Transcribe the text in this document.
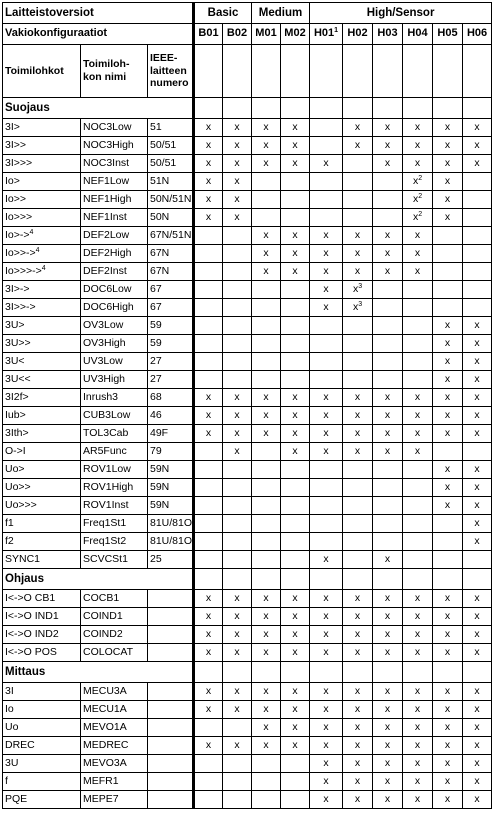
Laitteistoversiot			Basic		Medium		High/Sensor					
Vakiokonfiguraatiot			B01	B02	M01	M02	$H01^1$	H02	H03	H04	H05	H06
Toimilohkot	Toimiloh-kon nimi	IEEE-laitteen numero										
Suojaus												
3I>	NOC3Low	51	x	x	x	x		x	x	x	x	x
3I>>	NOC3High	50/51	x	x	x	x		x	x	x	x	x
3I>>>	NOC3Inst	50/51	x	x	x	x	x		x	x	x	x
Io>	NEF1Low	51N	x	x						$x^2$	x	
Io>>	NEF1High	50N/51N	x	x						$x^2$	x	
Io>>>	NEF1Inst	50N	x	x						$x^2$	x	
Io>->$^4$	DEF2Low	67N/51N			x	x	x	x	x	x		
Io>>->$^4$	DEF2High	67N			x	x	x	x	x	x		
Io>>>->$^4$	DEF2Inst	67N			x	x	x	x	x	x		
3I>->	DOC6Low	67					x	$x^3$				
3I>>->	DOC6High	67					x	$x^3$				
3U>	OV3Low	59									x	x
3U>>	OV3High	59									x	x
3U<	UV3Low	27									x	x
3U<<	UV3High	27									x	x
3I2f>	Inrush3	68	x	x	x	x	x	x	x	x	x	x
Iub>	CUB3Low	46	x	x	x	x	x	x	x	x	x	x
3Ith>	TOL3Cab	49F	x	x	x	x	x	x	x	x	x	x
O->I	AR5Func	79		x		x	x	x	x	x		
Uo>	ROV1Low	59N									x	x
Uo>>	ROV1High	59N									x	x
Uo>>>	ROV1Inst	59N									x	x
f1	Freq1St1	81U/81O										x
f2	Freq1St2	81U/81O										x
SYNC1	SCVCSt1	25					x		x			
Ohjaus												
I<->O CB1	COCB1		x	x	x	x	x	x	x	x	x	x
I<->O IND1	COIND1		x	x	x	x	x	x	x	x	x	x
I<->O IND2	COIND2		x	x	x	x	x	x	x	x	x	x
I<->O POS	COLOCAT		x	x	x	x	x	x	x	x	x	x
Mittaus												
3I	MECU3A		x	x	x	x	x	x	x	x	x	x
Io	MECU1A		x	x	x	x	x	x	x	x	x	x
Uo	MEVO1A				x	x	x	x	x	x	x	x
DREC	MEDREC		x	x	x	x	x	x	x	x	x	x
3U	MEVO3A						x	x	x	x	x	x
f	MEFR1						x	x	x	x	x	x
PQE	MEPE7						x	x	x	x	x	x
